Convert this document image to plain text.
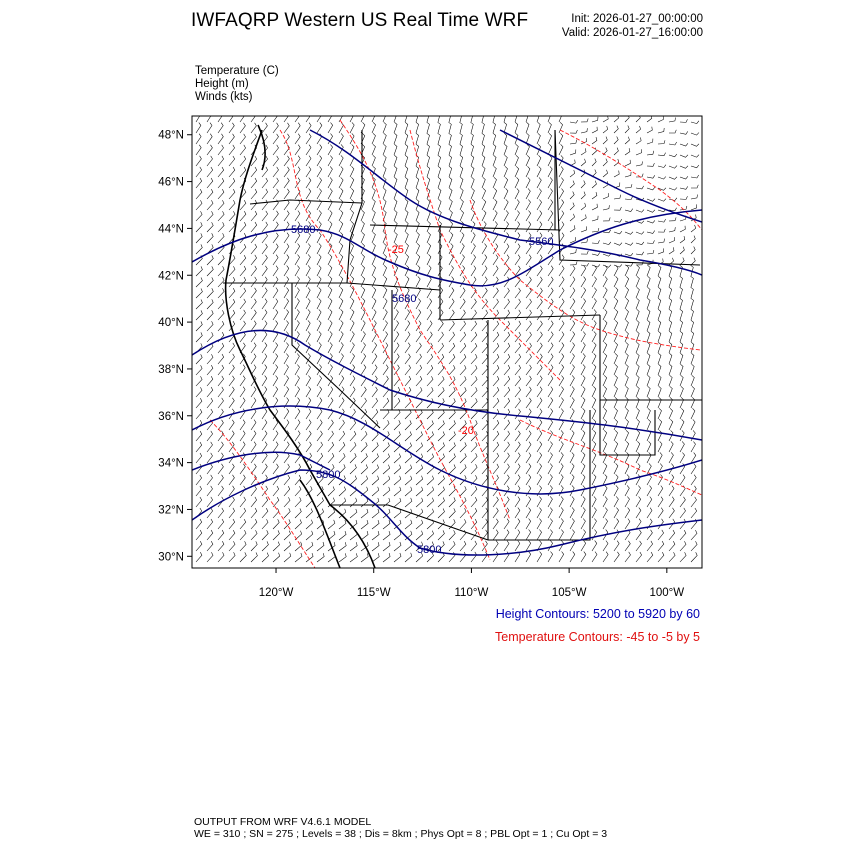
IWFAQRP Western US Real Time WRF	Init: 2026-01-27_00:00:00
Valid: 2026-01-27_16:00:00
Temperature (C)
Height (m)
Winds (kts)
5680
5560
5680
5800
5800
-25
-20
30°N
32°N
34°N
36°N
38°N
40°N
42°N
44°N
46°N
48°N
120°W	115°W	110°W	105°W	100°W
Height Contours: 5200 to 5920 by 60
Temperature Contours: -45 to -5 by 5
OUTPUT FROM WRF V4.6.1 MODEL
WE = 310 ; SN = 275 ; Levels = 38 ; Dis = 8km ; Phys Opt = 8 ; PBL Opt = 1 ; Cu Opt = 3
